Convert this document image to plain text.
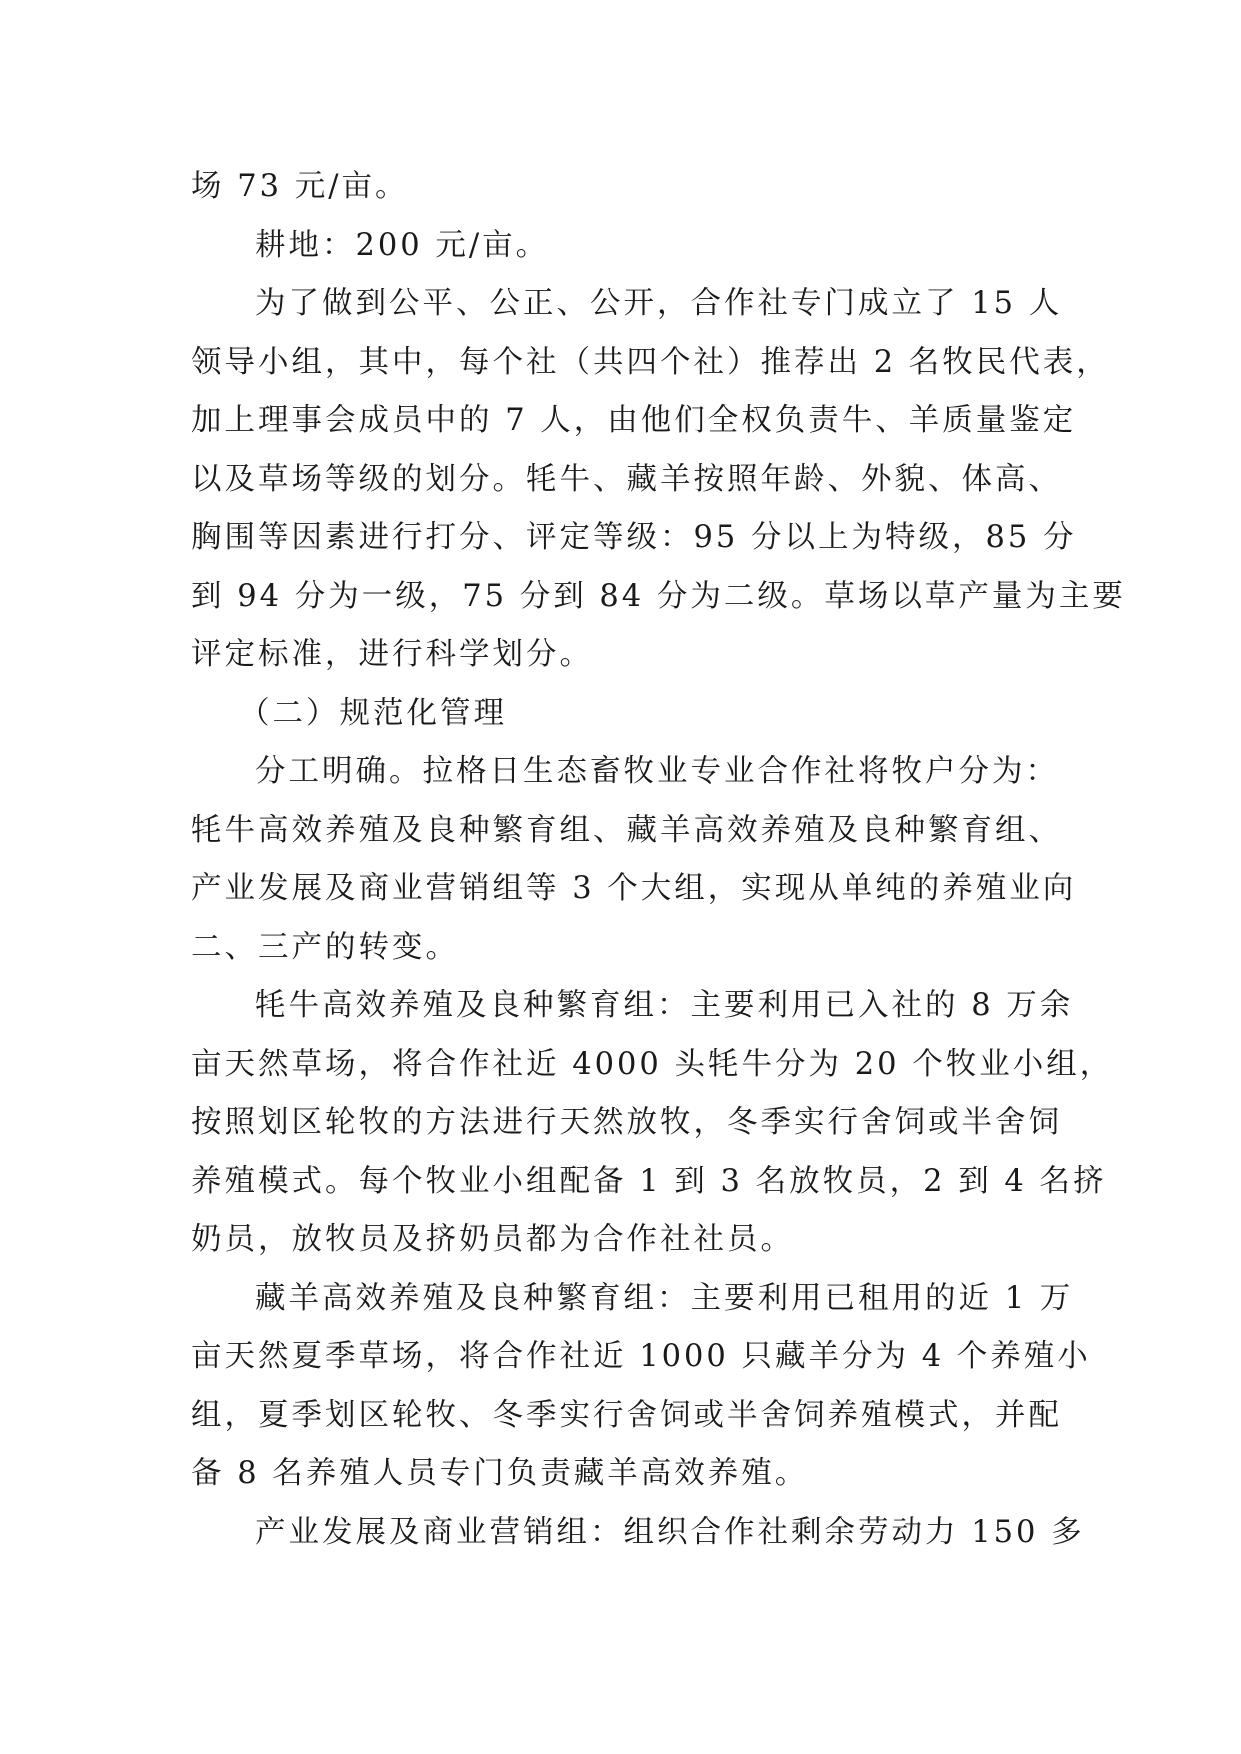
场 73 元/亩。
耕地：200 元/亩。
为了做到公平、公正、公开，合作社专门成立了 15 人
领导小组，其中，每个社（共四个社）推荐出 2 名牧民代表，
加上理事会成员中的 7 人，由他们全权负责牛、羊质量鉴定
以及草场等级的划分。牦牛、藏羊按照年龄、外貌、体高、
胸围等因素进行打分、评定等级：95 分以上为特级，85 分
到 94 分为一级，75 分到 84 分为二级。草场以草产量为主要
评定标准，进行科学划分。
（二）规范化管理
分工明确。拉格日生态畜牧业专业合作社将牧户分为：
牦牛高效养殖及良种繁育组、藏羊高效养殖及良种繁育组、
产业发展及商业营销组等 3 个大组，实现从单纯的养殖业向
二、三产的转变。
牦牛高效养殖及良种繁育组：主要利用已入社的 8 万余
亩天然草场，将合作社近 4000 头牦牛分为 20 个牧业小组，
按照划区轮牧的方法进行天然放牧，冬季实行舍饲或半舍饲
养殖模式。每个牧业小组配备 1 到 3 名放牧员，2 到 4 名挤
奶员，放牧员及挤奶员都为合作社社员。
藏羊高效养殖及良种繁育组：主要利用已租用的近 1 万
亩天然夏季草场，将合作社近 1000 只藏羊分为 4 个养殖小
组，夏季划区轮牧、冬季实行舍饲或半舍饲养殖模式，并配
备 8 名养殖人员专门负责藏羊高效养殖。
产业发展及商业营销组：组织合作社剩余劳动力 150 多
